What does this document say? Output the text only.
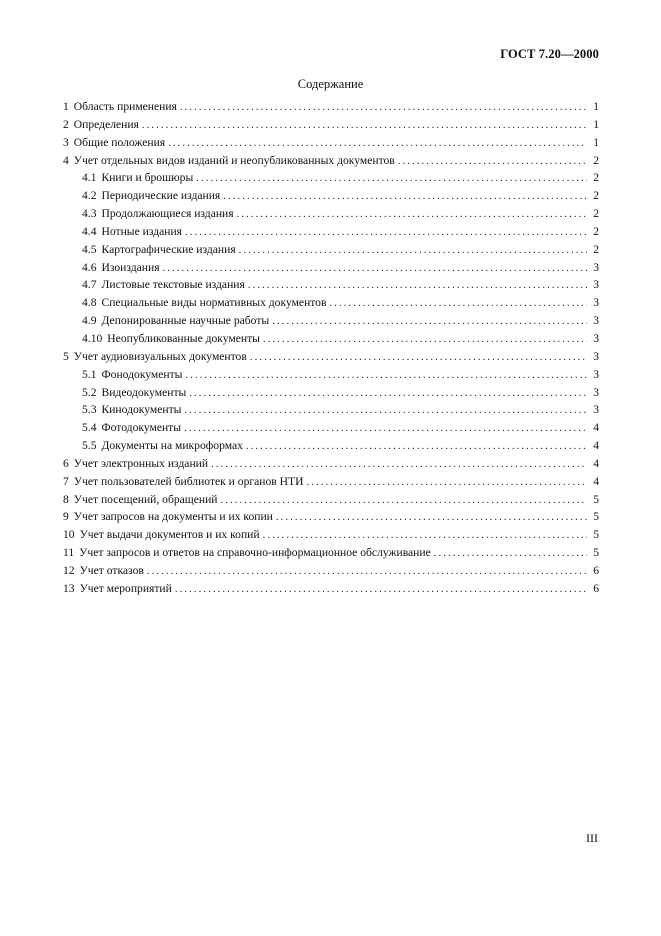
ГОСТ 7.20—2000
Содержание
1 Область применения . . .	1
2 Определения . . .	1
3 Общие положения . . .	1
4 Учет отдельных видов изданий и неопубликованных документов . . .	2
4.1 Книги и брошюры . . .	2
4.2 Периодические издания . . .	2
4.3 Продолжающиеся издания . . .	2
4.4 Нотные издания . . .	2
4.5 Картографические издания . . .	2
4.6 Изоиздания . . .	3
4.7 Листовые текстовые издания . . .	3
4.8 Специальные виды нормативных документов . . .	3
4.9 Депонированные научные работы . . .	3
4.10 Неопубликованные документы . . .	3
5 Учет аудиовизуальных документов . . .	3
5.1 Фонодокументы . . .	3
5.2 Видеодокументы . . .	3
5.3 Кинодокументы . . .	3
5.4 Фотодокументы . . .	4
5.5 Документы на микроформах . . .	4
6 Учет электронных изданий . . .	4
7 Учет пользователей библиотек и органов НТИ . . .	4
8 Учет посещений, обращений . . .	5
9 Учет запросов на документы и их копии . . .	5
10 Учет выдачи документов и их копий . . .	5
11 Учет запросов и ответов на справочно-информационное обслуживание . . .	5
12 Учет отказов . . .	6
13 Учет мероприятий . . .	6
III
